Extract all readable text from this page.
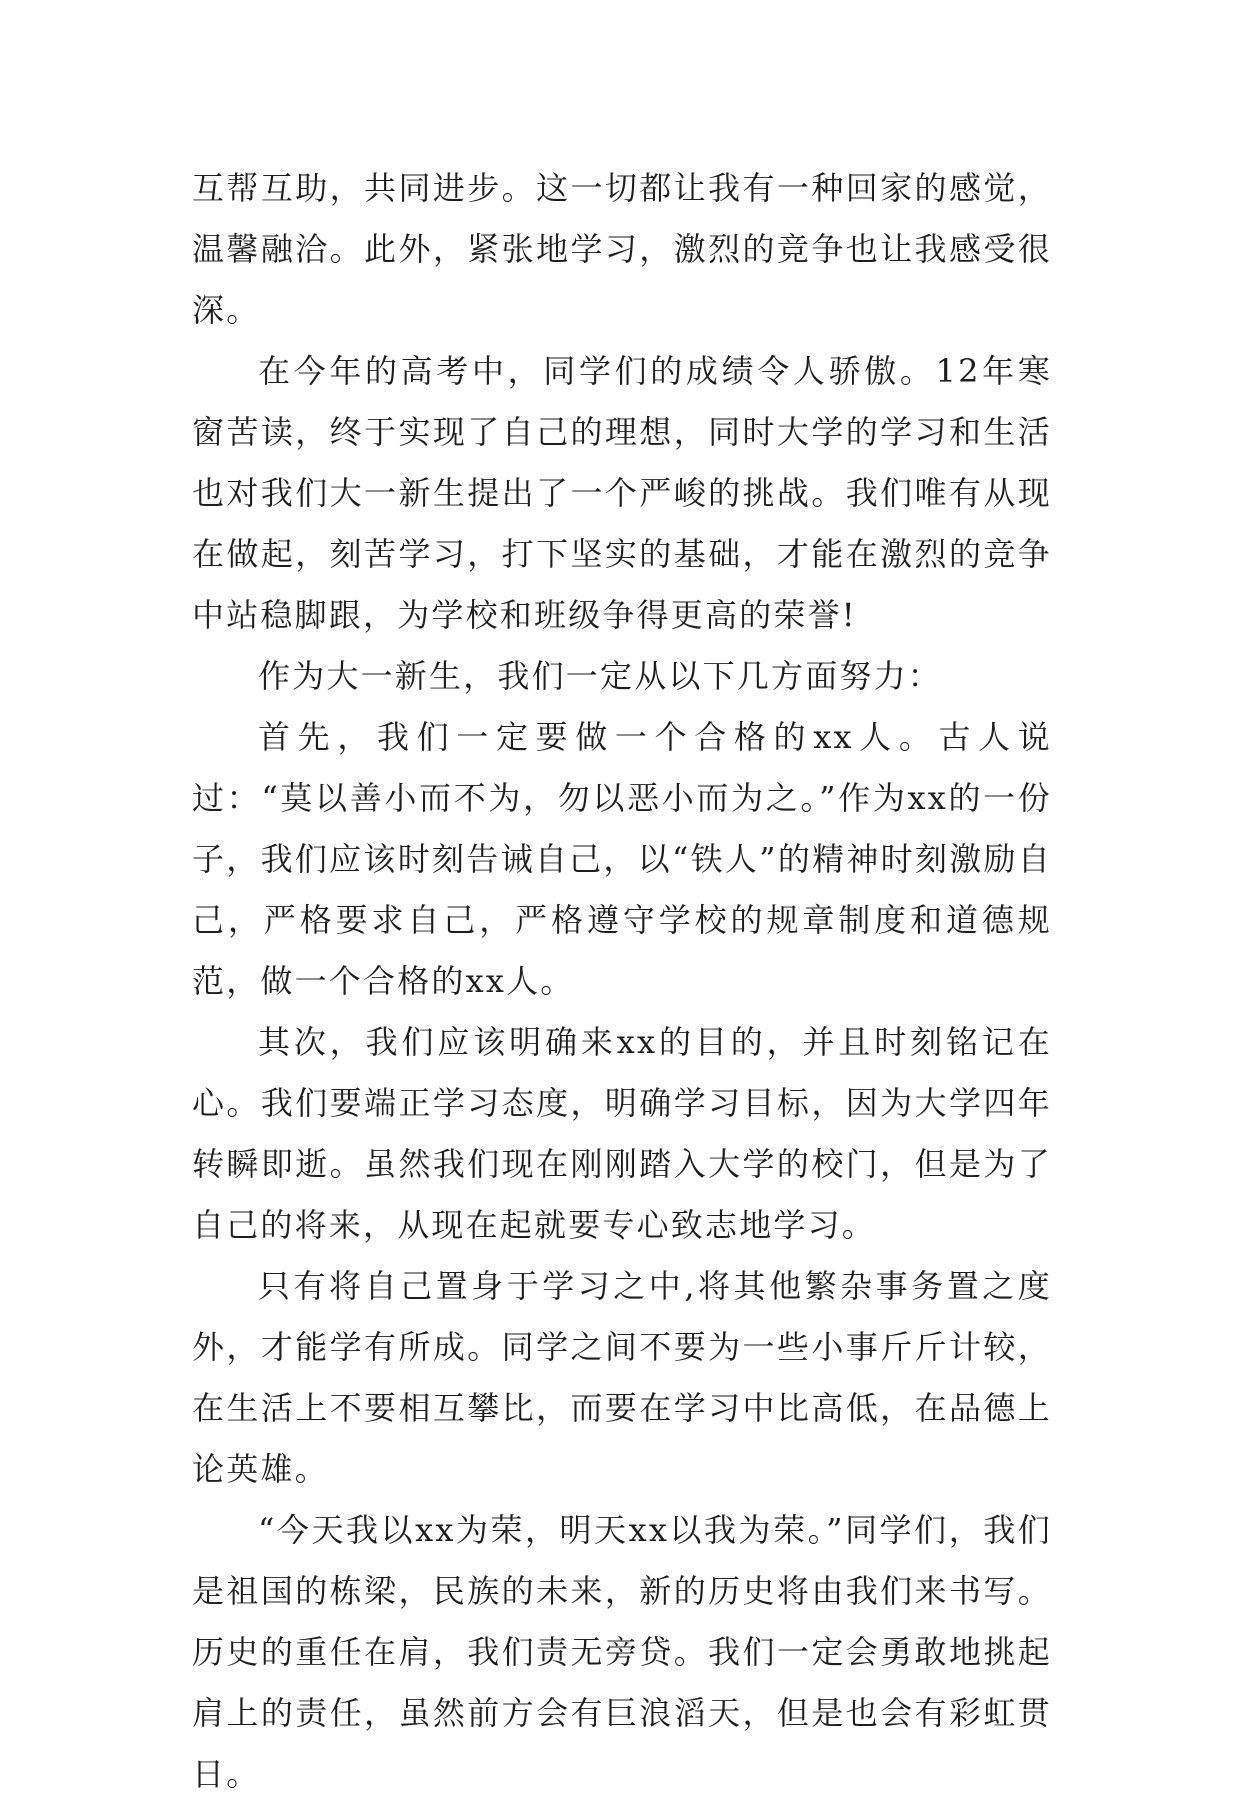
互帮互助，共同进步。这一切都让我有一种回家的感觉，温馨融洽。此外，紧张地学习，激烈的竞争也让我感受很深。

在今年的高考中，同学们的成绩令人骄傲。12年寒窗苦读，终于实现了自己的理想，同时大学的学习和生活也对我们大一新生提出了一个严峻的挑战。我们唯有从现在做起，刻苦学习，打下坚实的基础，才能在激烈的竞争中站稳脚跟，为学校和班级争得更高的荣誉!

作为大一新生，我们一定从以下几方面努力：

首先，我们一定要做一个合格的xx人。古人说过：“莫以善小而不为，勿以恶小而为之。”作为xx的一份子，我们应该时刻告诫自己，以“铁人”的精神时刻激励自己，严格要求自己，严格遵守学校的规章制度和道德规范，做一个合格的xx人。

其次，我们应该明确来xx的目的，并且时刻铭记在心。我们要端正学习态度，明确学习目标，因为大学四年转瞬即逝。虽然我们现在刚刚踏入大学的校门，但是为了自己的将来，从现在起就要专心致志地学习。

只有将自己置身于学习之中,将其他繁杂事务置之度外，才能学有所成。同学之间不要为一些小事斤斤计较，在生活上不要相互攀比，而要在学习中比高低，在品德上论英雄。

“今天我以xx为荣，明天xx以我为荣。”同学们，我们是祖国的栋梁，民族的未来，新的历史将由我们来书写。历史的重任在肩，我们责无旁贷。我们一定会勇敢地挑起肩上的责任，虽然前方会有巨浪滔天，但是也会有彩虹贯日。
